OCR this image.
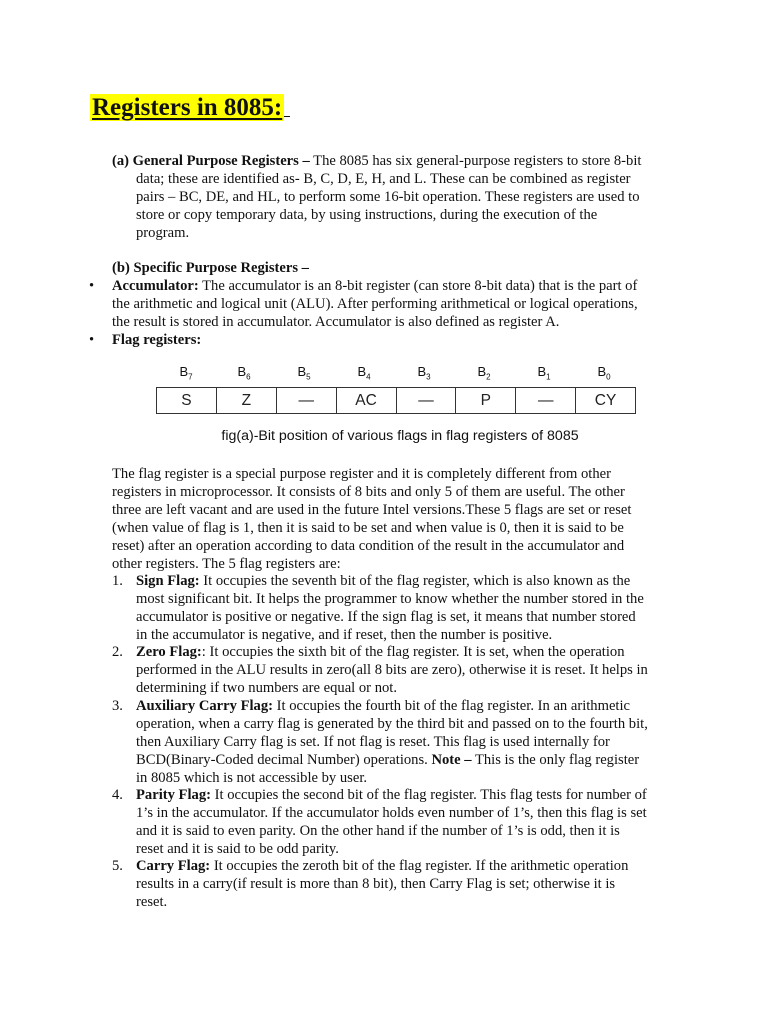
Registers in 8085:
(a) General Purpose Registers – The 8085 has six general-purpose registers to store 8-bit
data; these are identified as- B, C, D, E, H, and L. These can be combined as register
pairs – BC, DE, and HL, to perform some 16-bit operation. These registers are used to
store or copy temporary data, by using instructions, during the execution of the
program.
(b) Specific Purpose Registers –
• Accumulator: The accumulator is an 8-bit register (can store 8-bit data) that is the part of
the arithmetic and logical unit (ALU). After performing arithmetical or logical operations,
the result is stored in accumulator. Accumulator is also defined as register A.
• Flag registers:
$B_7$	$B_6$	$B_5$	$B_4$	$B_3$	$B_2$	$B_1$	$B_0$
S	Z	—	AC	—	P	—	CY
fig(a)-Bit position of various flags in flag registers of 8085
The flag register is a special purpose register and it is completely different from other
registers in microprocessor. It consists of 8 bits and only 5 of them are useful. The other
three are left vacant and are used in the future Intel versions.These 5 flags are set or reset
(when value of flag is 1, then it is said to be set and when value is 0, then it is said to be
reset) after an operation according to data condition of the result in the accumulator and
other registers. The 5 flag registers are:
1. Sign Flag: It occupies the seventh bit of the flag register, which is also known as the
most significant bit. It helps the programmer to know whether the number stored in the
accumulator is positive or negative. If the sign flag is set, it means that number stored
in the accumulator is negative, and if reset, then the number is positive.
2. Zero Flag:: It occupies the sixth bit of the flag register. It is set, when the operation
performed in the ALU results in zero(all 8 bits are zero), otherwise it is reset. It helps in
determining if two numbers are equal or not.
3. Auxiliary Carry Flag: It occupies the fourth bit of the flag register. In an arithmetic
operation, when a carry flag is generated by the third bit and passed on to the fourth bit,
then Auxiliary Carry flag is set. If not flag is reset. This flag is used internally for
BCD(Binary-Coded decimal Number) operations. Note – This is the only flag register
in 8085 which is not accessible by user.
4. Parity Flag: It occupies the second bit of the flag register. This flag tests for number of
1’s in the accumulator. If the accumulator holds even number of 1’s, then this flag is set
and it is said to even parity. On the other hand if the number of 1’s is odd, then it is
reset and it is said to be odd parity.
5. Carry Flag: It occupies the zeroth bit of the flag register. If the arithmetic operation
results in a carry(if result is more than 8 bit), then Carry Flag is set; otherwise it is
reset.
